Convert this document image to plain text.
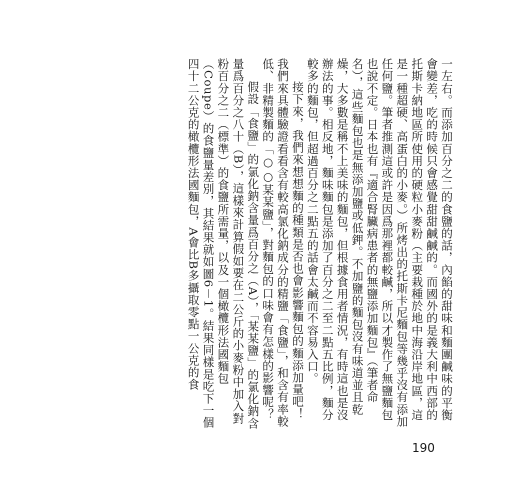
一左右。而添加百分之二的食鹽的話，內餡的甜味和麵團鹹味的平衡會變差，吃的時候只會感覺甜甜鹹鹹的。而國外的是義大利中西部的托斯卡納地區所使用的硬粒小麥粉（主要栽種於地中海沿岸地區，這是一種超硬、高蛋白的小麥。）所烤出的托斯卡尼麵包等幾乎沒有添加任何鹽。筆者推測這或許是因爲那裡都較鹹，所以才製作了無鹽麵包也說不定。日本也有『適合腎臟病患者的無鹽添加麵包』（筆者命名），這些麵包也是無添加鹽或低鉀。不加鹽的麵包沒有味道並且乾燥，大多數是稱不上美味的麵包，但根據食用者情況，有時這也是沒辦法的事。相反地，麵味麵包是添加了百分之二至二點五比例，麵分較多的麵包，但超過百分之二點五的話會太鹹而不容易入口。

接下來，我們來想想麵的種類是否也會影響麵包的麵添加量吧！我們來具體驗證看看含有較高氯化鈉成分的精鹽「食鹽」，和含有率較低、非精製麵的「○○某某鹽」，對麵包的口味會有怎樣的影響呢？

假設「食鹽」的氯化鈉含量爲百分之（A），「某某鹽」的氯化鈉含量爲百分之八十（B），這樣來計算假如要在二公斤的小麥粉中加入對粉百分之二（標準）的食鹽所需量，以及一個橄欖形法國麵包（Coupe）的食鹽量差別，其結果就如圖6－1。結果同樣是吃下一個四十二公克的橄欖形法國麵包，A會比B多攝取零點一公克的食

190
